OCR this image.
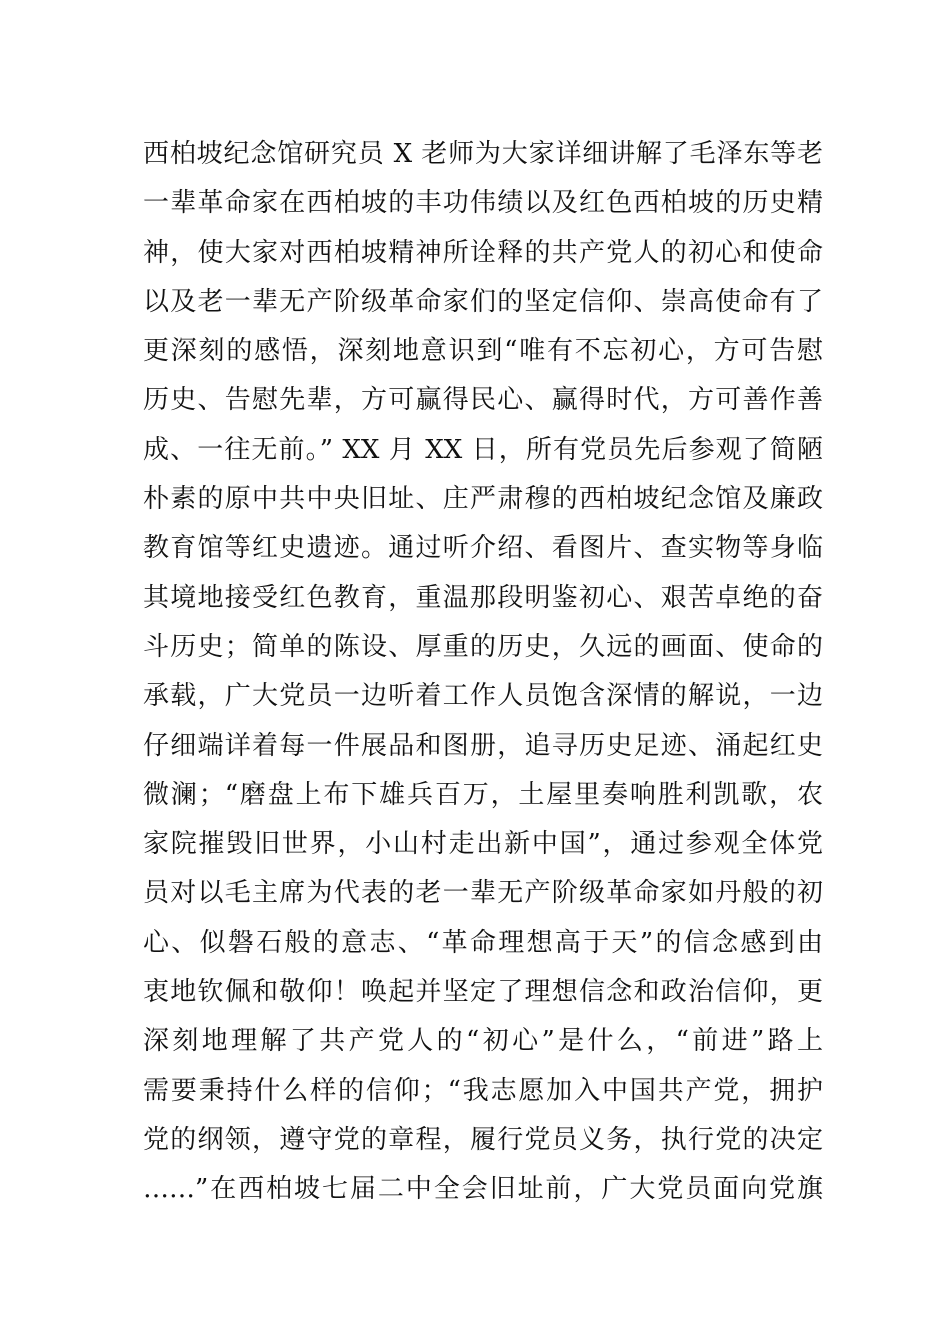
西柏坡纪念馆研究员 X 老师为大家详细讲解了毛泽东等老
一辈革命家在西柏坡的丰功伟绩以及红色西柏坡的历史精
神，使大家对西柏坡精神所诠释的共产党人的初心和使命
以及老一辈无产阶级革命家们的坚定信仰、崇高使命有了
更深刻的感悟，深刻地意识到“唯有不忘初心，方可告慰
历史、告慰先辈，方可赢得民心、赢得时代，方可善作善
成、一往无前。” XX 月 XX 日，所有党员先后参观了简陋
朴素的原中共中央旧址、庄严肃穆的西柏坡纪念馆及廉政
教育馆等红史遗迹。通过听介绍、看图片、查实物等身临
其境地接受红色教育，重温那段明鉴初心、艰苦卓绝的奋
斗历史；简单的陈设、厚重的历史，久远的画面、使命的
承载，广大党员一边听着工作人员饱含深情的解说，一边
仔细端详着每一件展品和图册，追寻历史足迹、涌起红史
微澜；“磨盘上布下雄兵百万，土屋里奏响胜利凯歌，农
家院摧毁旧世界，小山村走出新中国”，通过参观全体党
员对以毛主席为代表的老一辈无产阶级革命家如丹般的初
心、似磐石般的意志、“革命理想高于天”的信念感到由
衷地钦佩和敬仰！唤起并坚定了理想信念和政治信仰，更
深刻地理解了共产党人的“初心”是什么，“前进”路上
需要秉持什么样的信仰；“我志愿加入中国共产党，拥护
党的纲领，遵守党的章程，履行党员义务，执行党的决定
……”在西柏坡七届二中全会旧址前，广大党员面向党旗
